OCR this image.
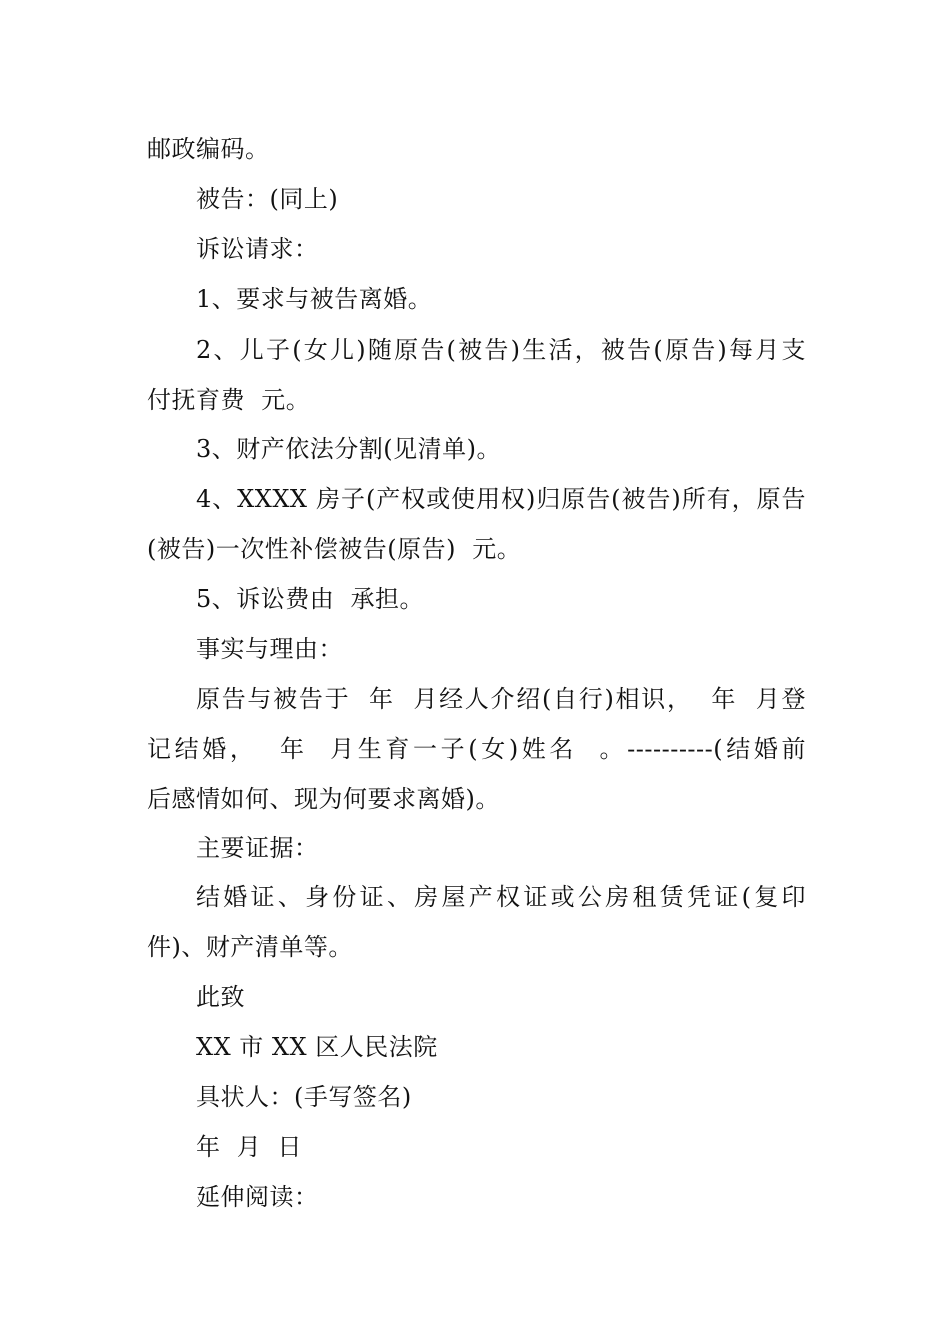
邮政编码。
被告：(同上)
诉讼请求：
1、要求与被告离婚。
2、儿子(女儿)随原告(被告)生活，被告(原告)每月支
付抚育费  元。
3、财产依法分割(见清单)。
4、XXXX 房子(产权或使用权)归原告(被告)所有，原告
(被告)一次性补偿被告(原告)  元。
5、诉讼费由  承担。
事实与理由：
原告与被告于  年  月经人介绍(自行)相识，  年  月登
记结婚，  年  月生育一子(女)姓名  。----------(结婚前
后感情如何、现为何要求离婚)。
主要证据：
结婚证、身份证、房屋产权证或公房租赁凭证(复印
件)、财产清单等。
此致
XX 市 XX 区人民法院
具状人：(手写签名)
年  月  日
延伸阅读：
